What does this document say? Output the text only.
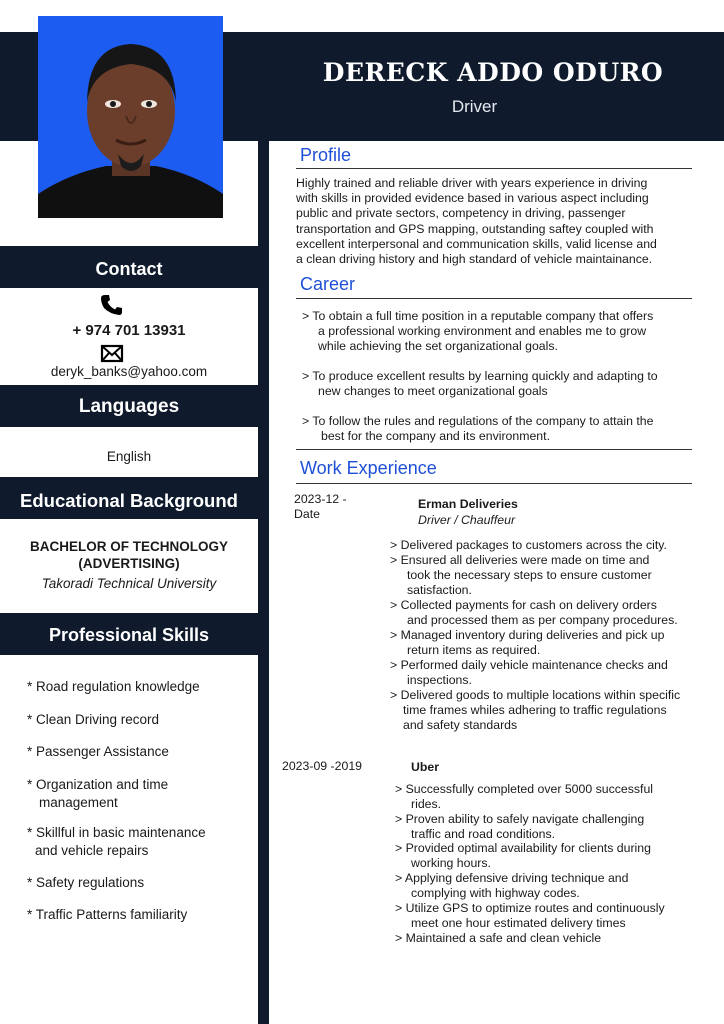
DERECK ADDO ODURO
Driver
Contact
+ 974 701 13931
deryk_banks@yahoo.com
Languages
English
Educational Background
BACHELOR OF TECHNOLOGY
(ADVERTISING)
Takoradi Technical University
Professional Skills
* Road regulation knowledge
* Clean Driving record
* Passenger Assistance
* Organization and time
management
* Skillful in basic maintenance
and vehicle repairs
* Safety regulations
* Traffic Patterns familiarity
Profile
Highly trained and reliable driver with years experience in driving
with skills in provided evidence based in various aspect including
public and private sectors, competency in driving, passenger
transportation and GPS mapping, outstanding saftey coupled with
excellent interpersonal and communication skills, valid license and
a clean driving history and high standard of vehicle maintainance.
Career
> To obtain a full time position in a reputable company that offers
a professional working environment and enables me to grow
while achieving the set organizational goals.
> To produce excellent results by learning quickly and adapting to
new changes to meet organizational goals
> To follow the rules and regulations of the company to attain the
best for the company and its environment.
Work Experience
2023-12 -
Date
Erman Deliveries
Driver / Chauffeur
> Delivered packages to customers across the city.
> Ensured all deliveries were made on time and
took the necessary steps to ensure customer
satisfaction.
> Collected payments for cash on delivery orders
and processed them as per company procedures.
> Managed inventory during deliveries and pick up
return items as required.
> Performed daily vehicle maintenance checks and
inspections.
> Delivered goods to multiple locations within specific
time frames whiles adhering to traffic regulations
and safety standards
2023-09 -2019	Uber
> Successfully completed over 5000 successful
rides.
> Proven ability to safely navigate challenging
traffic and road conditions.
> Provided optimal availability for clients during
working hours.
> Applying defensive driving technique and
complying with highway codes.
> Utilize GPS to optimize routes and continuously
meet one hour estimated delivery times
> Maintained a safe and clean vehicle
